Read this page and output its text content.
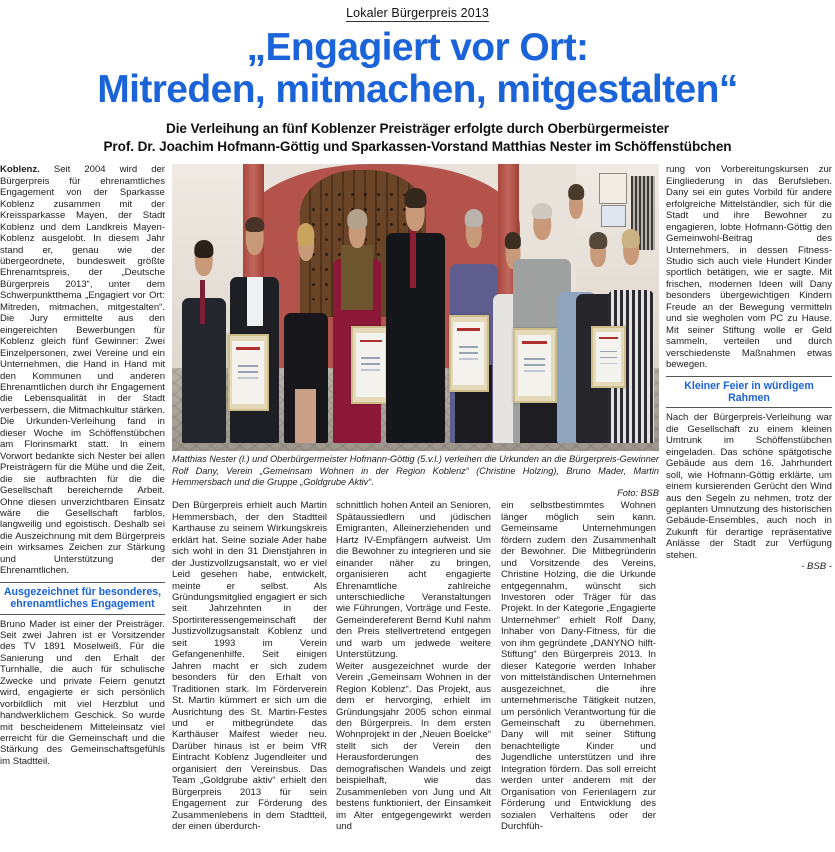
Lokaler Bürgerpreis 2013
„Engagiert vor Ort:
Mitreden, mitmachen, mitgestalten“
Die Verleihung an fünf Koblenzer Preisträger erfolgte durch Oberbürgermeister
Prof. Dr. Joachim Hofmann-Göttig und Sparkassen-Vorstand Matthias Nester im Schöffenstübchen

Koblenz. Seit 2004 wird der Bürgerpreis für ehrenamtliches Engagement von der Sparkasse Koblenz zusammen mit der Kreissparkasse Mayen, der Stadt Koblenz und dem Landkreis Mayen-Koblenz ausgelobt. In diesem Jahr stand er, genau wie der übergeordnete, bundesweit größte Ehrenamtspreis, der „Deutsche Bürgerpreis 2013“, unter dem Schwerpunktthema „Engagiert vor Ort: Mitreden, mitmachen, mitgestalten“. Die Jury ermittelte aus den eingereichten Bewerbungen für Koblenz gleich fünf Gewinner: Zwei Einzelpersonen, zwei Vereine und ein Unternehmen, die Hand in Hand mit den Kommunen und anderen Ehrenamtlichen durch ihr Engagement die Lebensqualität in der Stadt verbessern, die Mitmachkultur stärken. Die Urkunden-Verleihung fand in dieser Woche im Schöffenstübchen am Florinsmarkt statt. In einem Vorwort bedankte sich Nester bei allen Preisträgern für die Mühe und die Zeit, die sie aufbrachten für die die Gesellschaft bereichernde Arbeit. Ohne diesen unverzichtbaren Einsatz wäre die Gesellschaft farblos, langweilig und egoistisch. Deshalb sei die Auszeichnung mit dem Bürgerpreis ein wirksames Zeichen zur Stärkung und Unterstützung der Ehrenamtlichen.

Ausgezeichnet für besonderes, ehrenamtliches Engagement

Bruno Mader ist einer der Preisträger. Seit zwei Jahren ist er Vorsitzender des TV 1891 Moselweiß. Für die Sanierung und den Erhalt der Turnhalle, die auch für schulische Zwecke und private Feiern genutzt wird, engagierte er sich persönlich vorbildlich mit viel Herzblut und handwerklichem Geschick. So wurde mit bescheidenem Mitteleinsatz viel erreicht für die Gemeinschaft und die Stärkung des Gemeinschaftsgefühls im Stadtteil.

Matthias Nester (l.) und Oberbürgermeister Hofmann-Göttig (5.v.l.) verleihen die Urkunden an die Bürgerpreis-Gewinner Rolf Dany, Verein „Gemeinsam Wohnen in der Region Koblenz“ (Christine Holzing), Bruno Mader, Martin Hemmersbach und die Gruppe „Goldgrube Aktiv“.
Foto: BSB

Den Bürgerpreis erhielt auch Martin Hemmersbach, der den Stadtteil Karthause zu seinem Wirkungskreis erklärt hat. Seine soziale Ader habe sich wohl in den 31 Dienstjahren in der Justizvollzugsanstalt, wo er viel Leid gesehen habe, entwickelt, meinte er selbst. Als Gründungsmitglied engagiert er sich seit Jahrzehnten in der Sportinteressengemeinschaft der Justizvollzugsanstalt Koblenz und seit 1993 im Verein Gefangenenhilfe. Seit einigen Jahren macht er sich zudem besonders für den Erhalt von Traditionen stark. Im Förderverein St. Martin kümmert er sich um die Ausrichtung des St. Martin-Festes und er mitbegründete das Karthäuser Maifest wieder neu. Darüber hinaus ist er beim VfR Eintracht Koblenz Jugendleiter und organisiert den Vereinsbus. Das Team „Goldgrube aktiv“ erhielt den Bürgerpreis 2013 für sein Engagement zur Förderung des Zusammenlebens in dem Stadtteil, der einen überdurch-

schnittlich hohen Anteil an Senioren, Spätaussiedlern und jüdischen Emigranten, Alleinerziehenden und Hartz IV-Empfängern aufweist. Um die Bewohner zu integrieren und sie einander näher zu bringen, organisieren acht engagierte Ehrenamtliche zahlreiche unterschiedliche Veranstaltungen wie Führungen, Vorträge und Feste. Gemeindereferent Bernd Kuhl nahm den Preis stellvertretend entgegen und warb um jedwede weitere Unterstützung.

Weiter ausgezeichnet wurde der Verein „Gemeinsam Wohnen in der Region Koblenz“. Das Projekt, aus dem er hervorging, erhielt im Gründungsjahr 2005 schon einmal den Bürgerpreis. In dem ersten Wohnprojekt in der „Neuen Boelcke“ stellt sich der Verein den Herausforderungen des demografischen Wandels und zeigt beispielhaft, wie das Zusammenleben von Jung und Alt bestens funktioniert, der Einsamkeit im Alter entgegengewirkt werden und

ein selbstbestimmtes Wohnen länger möglich sein kann. Gemeinsame Unternehmungen fördern zudem den Zusammenhalt der Bewohner. Die Mitbegründerin und Vorsitzende des Vereins, Christine Holzing, die die Urkunde entgegennahm, wünscht sich Investoren oder Träger für das Projekt. In der Kategorie „Engagierte Unternehmer“ erhielt Rolf Dany, Inhaber von Dany-Fitness, für die von ihm gegründete „DANYNO hilft-Stiftung“ den Bürgerpreis 2013. In dieser Kategorie werden Inhaber von mittelständischen Unternehmen ausgezeichnet, die ihre unternehmerische Tätigkeit nutzen, um persönlich Verantwortung für die Gemeinschaft zu übernehmen. Dany will mit seiner Stiftung benachteiligte Kinder und Jugendliche unterstützen und ihre Integration fördern. Das soll erreicht werden unter anderem mit der Organisation von Ferienlagern zur Förderung und Entwicklung des sozialen Verhaltens oder der Durchfüh-

rung von Vorbereitungskursen zur Eingliederung in das Berufsleben. Dany sei ein gutes Vorbild für andere erfolgreiche Mittelständler, sich für die Stadt und ihre Bewohner zu engagieren, lobte Hofmann-Göttig den Gemeinwohl-Beitrag des Unternehmers, in dessen Fitness-Studio sich auch viele Hundert Kinder sportlich betätigen, wie er sagte. Mit frischen, modernen Ideen will Dany besonders übergewichtigen Kindern Freude an der Bewegung vermitteln und sie wegholen vom PC zu Hause. Mit seiner Stiftung wolle er Geld sammeln, verteilen und durch verschiedenste Maßnahmen etwas bewegen.

Kleiner Feier in würdigem Rahmen

Nach der Bürgerpreis-Verleihung war die Gesellschaft zu einem kleinen Umtrunk im Schöffenstübchen eingeladen. Das schöne spätgotische Gebäude aus dem 16. Jahrhundert soll, wie Hofmann-Göttig erklärte, um einem kursierenden Gerücht den Wind aus den Segeln zu nehmen, trotz der geplanten Umnutzung des historischen Gebäude-Ensembles, auch noch in Zukunft für derartige repräsentative Anlässe der Stadt zur Verfügung stehen.

- BSB -
